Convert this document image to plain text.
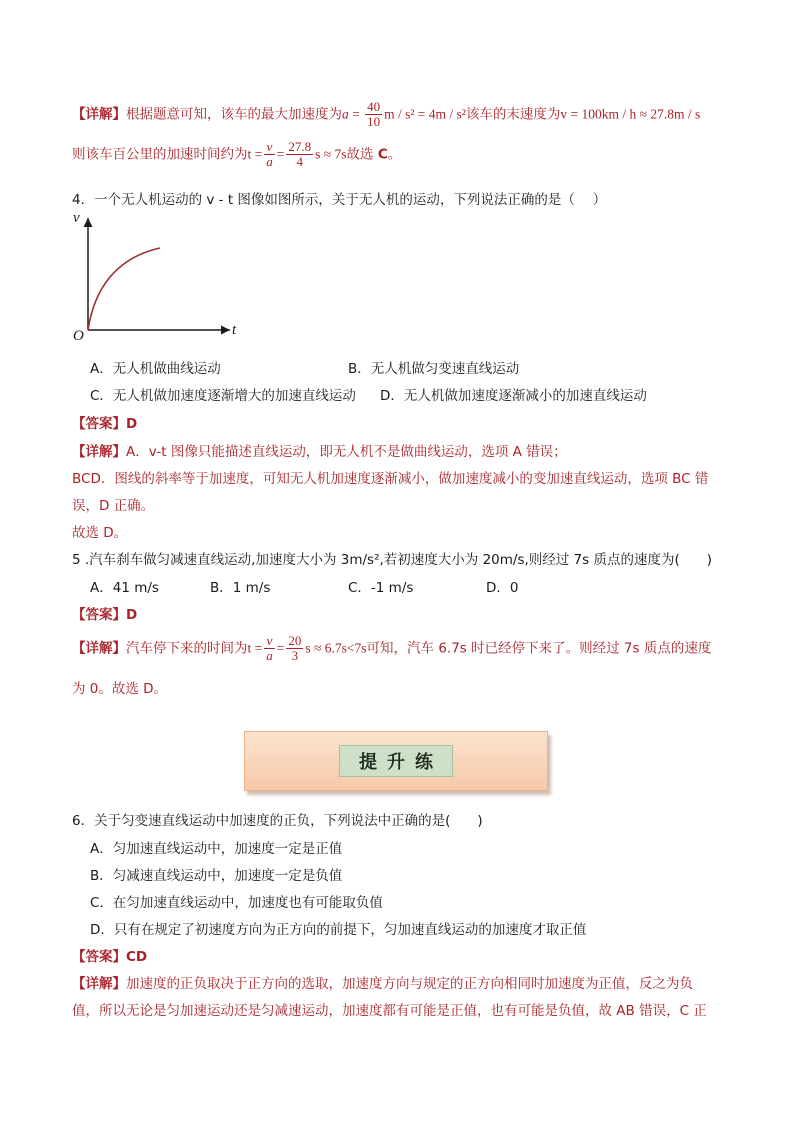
【详解】根据题意可知，该车的最大加速度为$a = \frac{40}{10}$ m / s² = 4m / s²该车的末速度为v = 100km / h ≈ 27.8m / s
则该车百公里的加速时间约为$t = \frac{v}{a} = \frac{27.8}{4}$ s ≈ 7s故选 C。
4．一个无人机运动的 v - t 图像如图所示，关于无人机的运动，下列说法正确的是（　 ）
v
t
O
A．无人机做曲线运动	B．无人机做匀变速直线运动
C．无人机做加速度逐渐增大的加速直线运动 D．无人机做加速度逐渐减小的加速直线运动
【答案】D
【详解】A．v-t 图像只能描述直线运动，即无人机不是做曲线运动，选项 A 错误；
BCD．图线的斜率等于加速度，可知无人机加速度逐渐减小，做加速度减小的变加速直线运动，选项 BC 错
误，D 正确。
故选 D。
5 .汽车刹车做匀减速直线运动,加速度大小为 3m/s²,若初速度大小为 20m/s,则经过 7s 质点的速度为(　　)
A．41 m/s	B．1 m/s	C．-1 m/s	D．0
【答案】D
【详解】汽车停下来的时间为$t = \frac{v}{a} = \frac{20}{3}$ s ≈ 6.7s<7s可知，汽车 6.7s 时已经停下来了。则经过 7s 质点的速度
为 0。故选 D。
提升练
6．关于匀变速直线运动中加速度的正负，下列说法中正确的是(　　)
A．匀加速直线运动中，加速度一定是正值
B．匀减速直线运动中，加速度一定是负值
C．在匀加速直线运动中，加速度也有可能取负值
D．只有在规定了初速度方向为正方向的前提下，匀加速直线运动的加速度才取正值
【答案】CD
【详解】加速度的正负取决于正方向的选取，加速度方向与规定的正方向相同时加速度为正值，反之为负
值，所以无论是匀加速运动还是匀减速运动，加速度都有可能是正值，也有可能是负值，故 AB 错误，C 正
